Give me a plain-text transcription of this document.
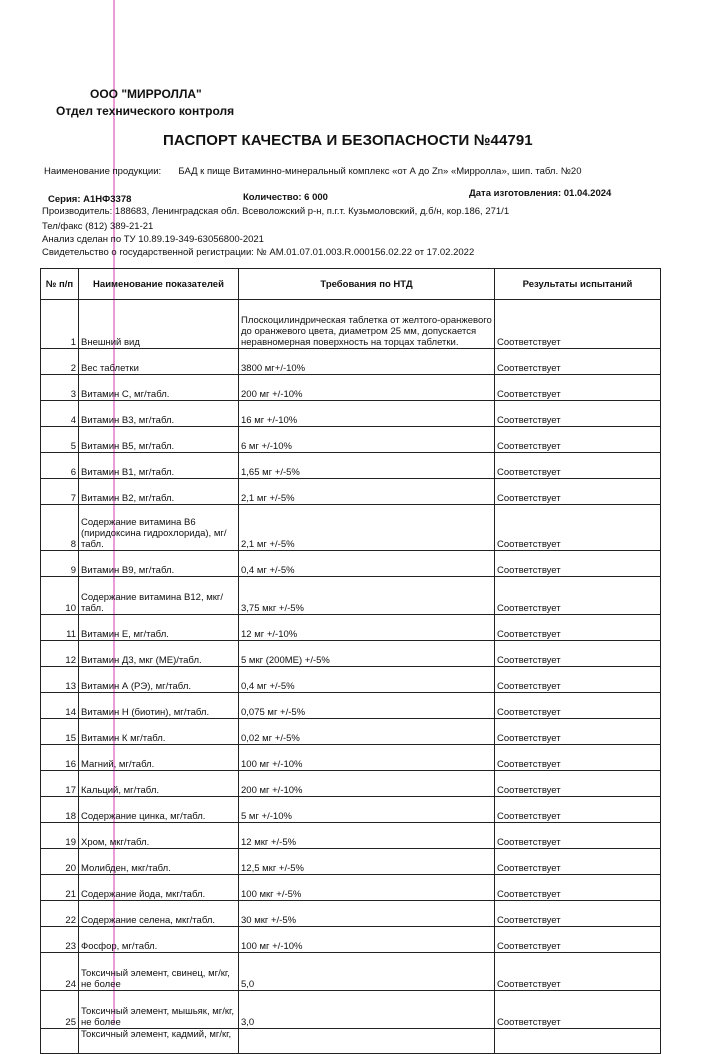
ООО "МИРРОЛЛА"
Отдел технического контроля
ПАСПОРТ КАЧЕСТВА И БЕЗОПАСНОСТИ №44791
Наименование продукции: БАД к пище Витаминно-минеральный комплекс «от А до Zn» «Мирролла», шип. табл. №20
Серия: А1НФ3378	Количество: 6 000	Дата изготовления: 01.04.2024
Производитель: 188683, Ленинградская обл. Всеволожский р-н, п.г.т. Кузьмоловский, д.б/н, кор.186, 271/1
Тел/факс (812) 389-21-21
Анализ сделан по ТУ 10.89.19-349-63056800-2021
Свидетельство о государственной регистрации: № AM.01.07.01.003.R.000156.02.22 от 17.02.2022
№ п/п	Наименование показателей	Требования по НТД	Результаты испытаний
1	Внешний вид	Плоскоцилиндрическая таблетка от желтого-оранжевого до оранжевого цвета, диаметром 25 мм, допускается неравномерная поверхность на торцах таблетки.	Соответствует
2	Вес таблетки	3800 мг+/-10%	Соответствует
3	Витамин С, мг/табл.	200 мг +/-10%	Соответствует
4	Витамин В3, мг/табл.	16 мг +/-10%	Соответствует
5	Витамин В5, мг/табл.	6 мг +/-10%	Соответствует
6	Витамин В1, мг/табл.	1,65 мг +/-5%	Соответствует
7	Витамин В2, мг/табл.	2,1 мг +/-5%	Соответствует
8	Содержание витамина В6 (пиридоксина гидрохлорида), мг/табл.	2,1 мг +/-5%	Соответствует
9	Витамин В9, мг/табл.	0,4 мг +/-5%	Соответствует
10	Содержание витамина В12, мкг/табл.	3,75 мкг +/-5%	Соответствует
11	Витамин Е, мг/табл.	12 мг +/-10%	Соответствует
12	Витамин Д3, мкг (МЕ)/табл.	5 мкг (200МЕ) +/-5%	Соответствует
13	Витамин А (РЭ), мг/табл.	0,4 мг +/-5%	Соответствует
14	Витамин Н (биотин), мг/табл.	0,075 мг +/-5%	Соответствует
15	Витамин К мг/табл.	0,02 мг +/-5%	Соответствует
16	Магний, мг/табл.	100 мг +/-10%	Соответствует
17	Кальций, мг/табл.	200 мг +/-10%	Соответствует
18	Содержание цинка, мг/табл.	5 мг +/-10%	Соответствует
19	Хром, мкг/табл.	12 мкг +/-5%	Соответствует
20	Молибден, мкг/табл.	12,5 мкг +/-5%	Соответствует
21	Содержание йода, мкг/табл.	100 мкг +/-5%	Соответствует
22	Содержание селена, мкг/табл.	30 мкг +/-5%	Соответствует
23	Фосфор, мг/табл.	100 мг +/-10%	Соответствует
24	Токсичный элемент, свинец, мг/кг, не более	5,0	Соответствует
25	Токсичный элемент, мышьяк, мг/кг, не более	3,0	Соответствует
	Токсичный элемент, кадмий, мг/кг,		
